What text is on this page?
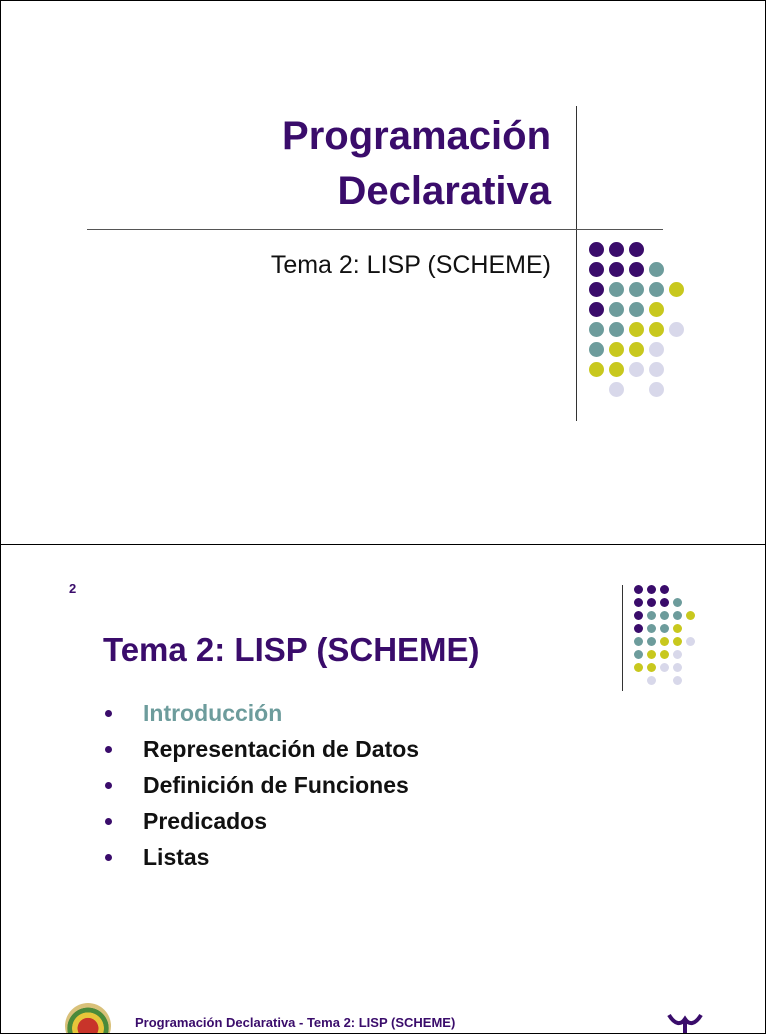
Programación
Declarativa
Tema 2: LISP (SCHEME)
2
Tema 2: LISP (SCHEME)
Introducción
Representación de Datos
Definición de Funciones
Predicados
Listas
Programación Declarativa - Tema 2: LISP (SCHEME)
